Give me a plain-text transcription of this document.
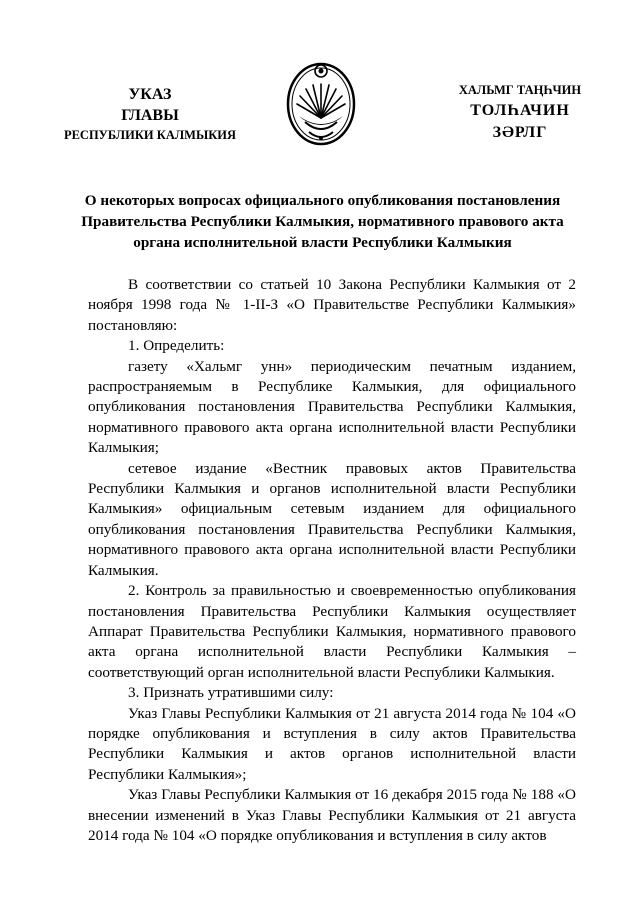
УКАЗ
ГЛАВЫ
РЕСПУБЛИКИ КАЛМЫКИЯ
ХАЛЬМГ ТАҢҺЧИН
ТОЛҺАЧИН
ЗӘРЛГ
О некоторых вопросах официального опубликования постановления Правительства Республики Калмыкия, нормативного правового акта органа исполнительной власти Республики Калмыкия

В соответствии со статьей 10 Закона Республики Калмыкия от 2 ноября 1998 года № 1-II-З «О Правительстве Республики Калмыкия» постановляю:

1. Определить:

газету «Хальмг унн» периодическим печатным изданием, распространяемым в Республике Калмыкия, для официального опубликования постановления Правительства Республики Калмыкия, нормативного правового акта органа исполнительной власти Республики Калмыкия;

сетевое издание «Вестник правовых актов Правительства Республики Калмыкия и органов исполнительной власти Республики Калмыкия» официальным сетевым изданием для официального опубликования постановления Правительства Республики Калмыкия, нормативного правового акта органа исполнительной власти Республики Калмыкия.

2. Контроль за правильностью и своевременностью опубликования постановления Правительства Республики Калмыкия осуществляет Аппарат Правительства Республики Калмыкия, нормативного правового акта органа исполнительной власти Республики Калмыкия – соответствующий орган исполнительной власти Республики Калмыкия.

3. Признать утратившими силу:

Указ Главы Республики Калмыкия от 21 августа 2014 года № 104 «О порядке опубликования и вступления в силу актов Правительства Республики Калмыкия и актов органов исполнительной власти Республики Калмыкия»;

Указ Главы Республики Калмыкия от 16 декабря 2015 года № 188 «О внесении изменений в Указ Главы Республики Калмыкия от 21 августа 2014 года № 104 «О порядке опубликования и вступления в силу актов
